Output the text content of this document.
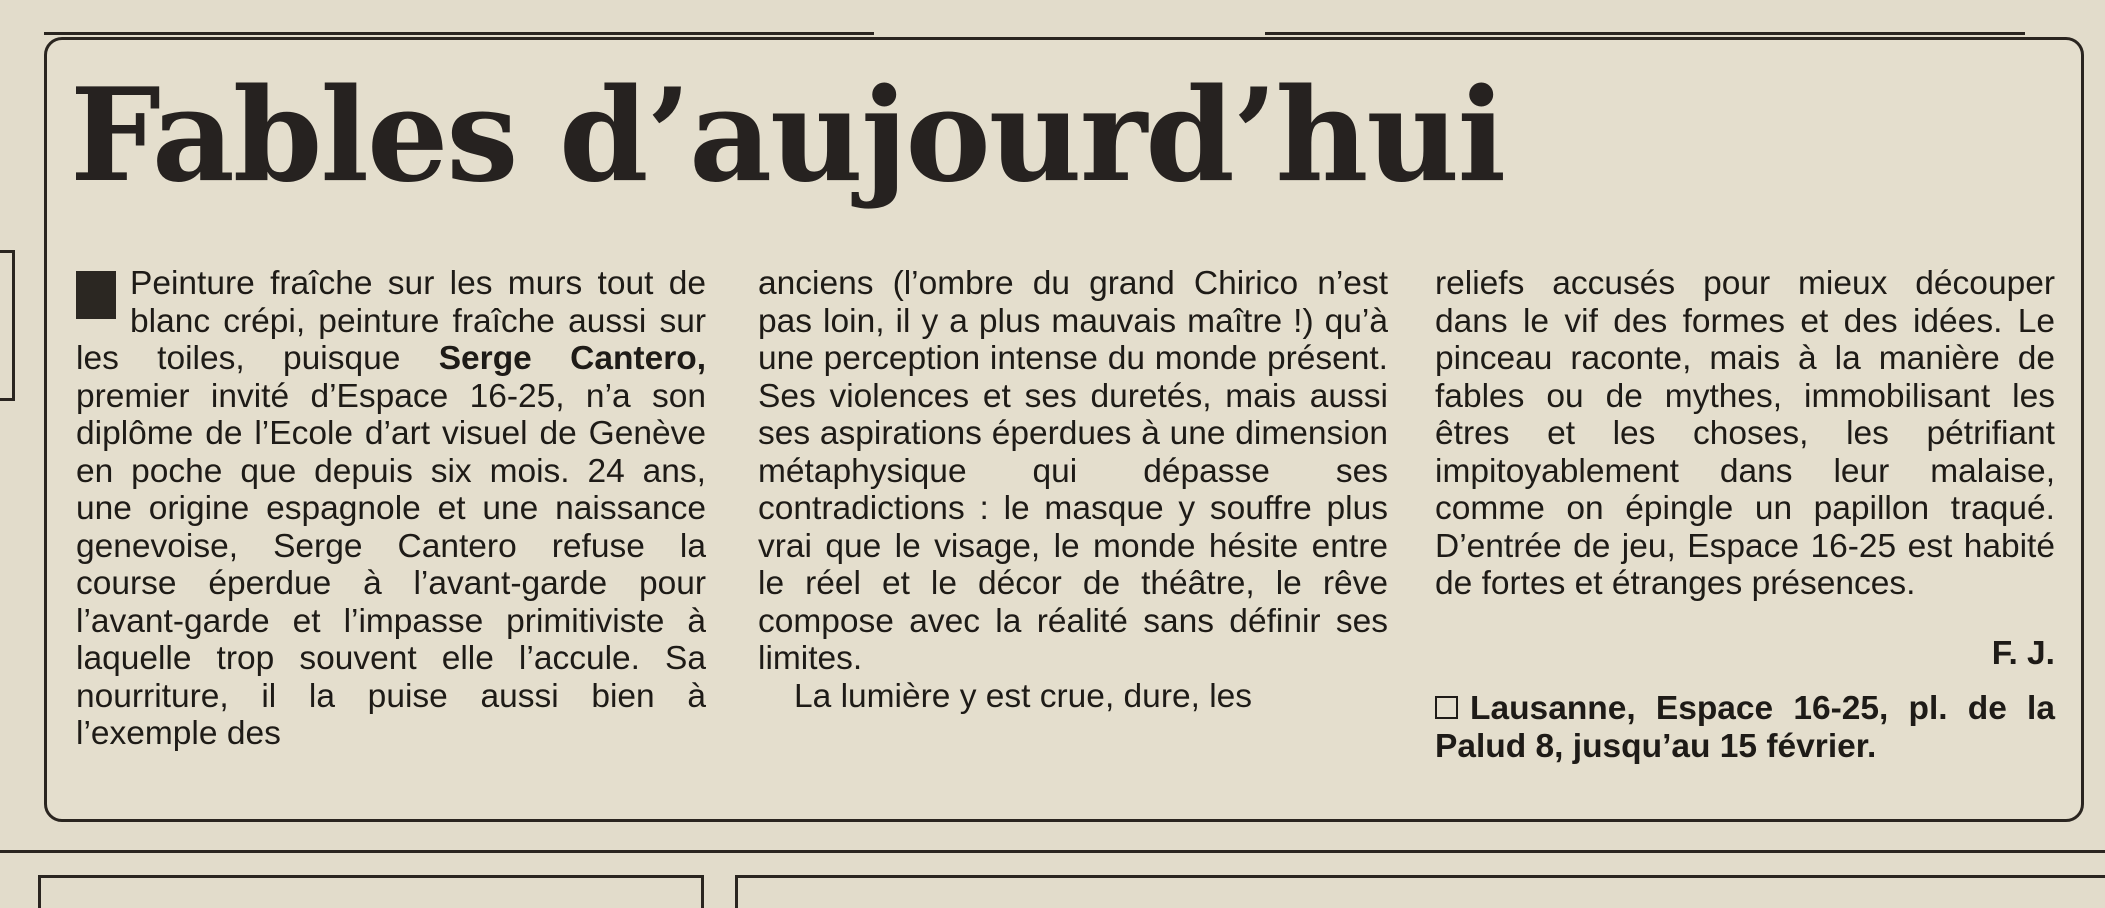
Fables d’aujourd’hui

Peinture fraîche sur les murs tout de blanc crépi, peinture fraîche aussi sur les toiles, puisque Serge Cantero, premier invité d’Espace 16-25, n’a son diplôme de l’Ecole d’art visuel de Genève en poche que depuis six mois. 24 ans, une origine espagnole et une naissance genevoise, Serge Cantero refuse la course éperdue à l’avant-garde pour l’avant-garde et l’impasse primitiviste à laquelle trop souvent elle l’accule. Sa nourriture, il la puise aussi bien à l’exemple des

anciens (l’ombre du grand Chirico n’est pas loin, il y a plus mauvais maître !) qu’à une perception intense du monde présent. Ses violences et ses duretés, mais aussi ses aspirations éperdues à une dimension métaphysique qui dépasse ses contradictions : le masque y souffre plus vrai que le visage, le monde hésite entre le réel et le décor de théâtre, le rêve compose avec la réalité sans définir ses limites.

La lumière y est crue, dure, les

reliefs accusés pour mieux découper dans le vif des formes et des idées. Le pinceau raconte, mais à la manière de fables ou de mythes, immobilisant les êtres et les choses, les pétrifiant impitoyablement dans leur malaise, comme on épingle un papillon traqué. D’entrée de jeu, Espace 16-25 est habité de fortes et étranges présences.

F. J.

Lausanne, Espace 16-25, pl. de la Palud 8, jusqu’au 15 février.
